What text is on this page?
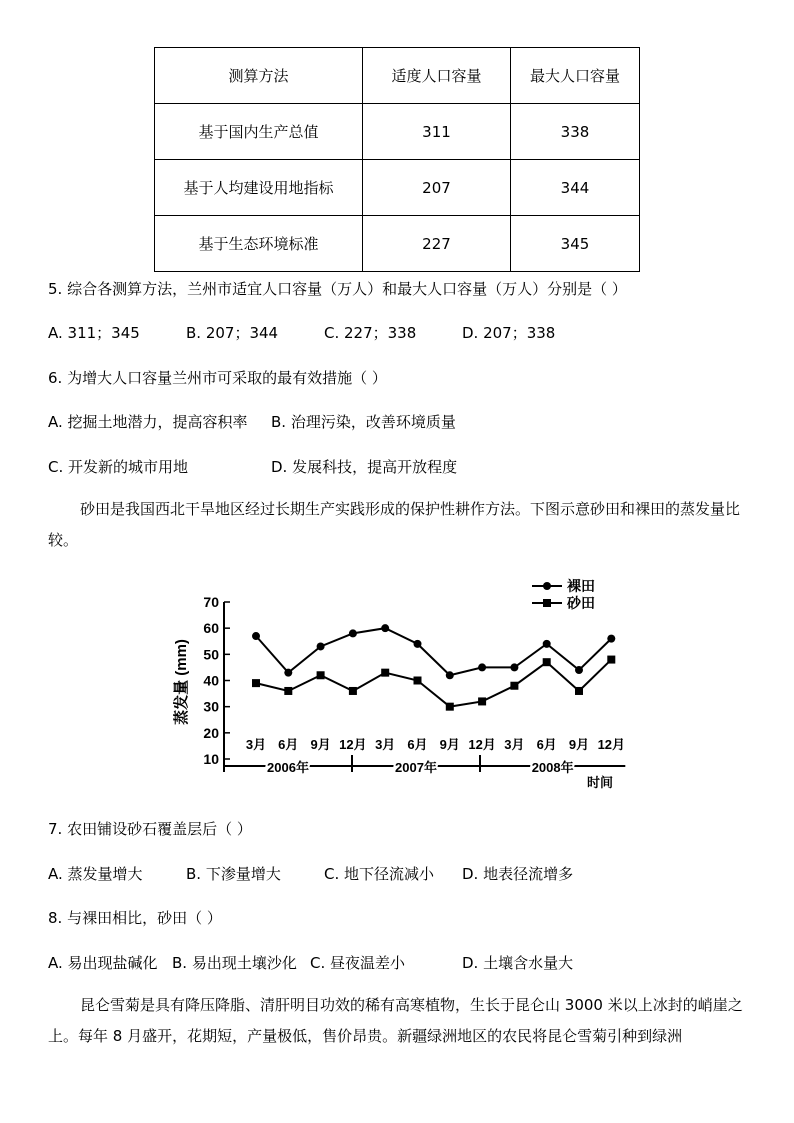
测算方法	适度人口容量	最大人口容量
基于国内生产总值	311	338
基于人均建设用地指标	207	344
基于生态环境标准	227	345
5. 综合各测算方法，兰州市适宜人口容量（万人）和最大人口容量（万人）分别是（ ）
A. 311；345	B. 207；344	C. 227；338	D. 207；338
6. 为增大人口容量兰州市可采取的最有效措施（ ）
A. 挖掘土地潜力，提高容积率 B. 治理污染，改善环境质量
C. 开发新的城市用地	D. 发展科技，提高开放程度
砂田是我国西北干旱地区经过长期生产实践形成的保护性耕作方法。下图示意砂田和裸田的蒸发量比较。
10
20
30
40
50
60
70
蒸发量 (mm)
2006年	2007年	2008年
时间
3月 6月 9月 12月 3月 6月 9月 12月 3月 6月 9月 12月
裸田
砂田
7. 农田铺设砂石覆盖层后（ ）
A. 蒸发量增大	B. 下渗量增大	C. 地下径流减小 D. 地表径流增多
8. 与裸田相比，砂田（ ）
A. 易出现盐碱化 B. 易出现土壤沙化 C. 昼夜温差小	D. 土壤含水量大
昆仑雪菊是具有降压降脂、清肝明目功效的稀有高寒植物，生长于昆仑山 3000 米以上冰封的峭崖之上。每年 8 月盛开，花期短，产量极低，售价昂贵。新疆绿洲地区的农民将昆仑雪菊引种到绿洲
